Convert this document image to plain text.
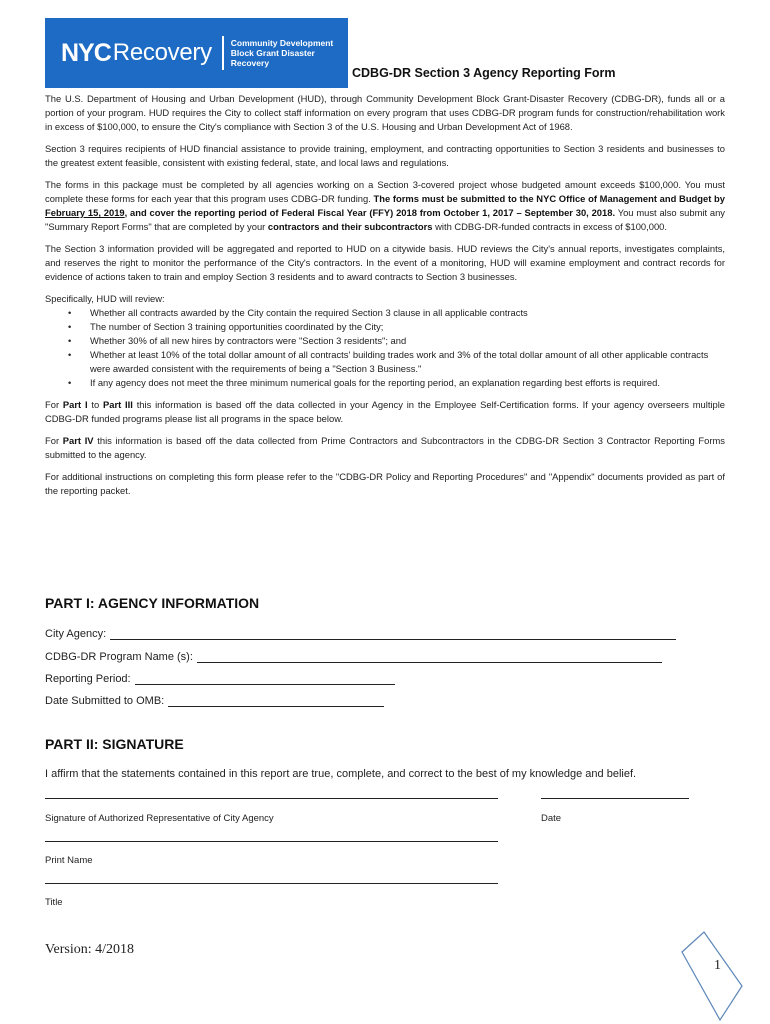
NYC Recovery Community Development
Block Grant Disaster
Recovery
CDBG-DR Section 3 Agency Reporting Form

The U.S. Department of Housing and Urban Development (HUD), through Community Development Block Grant-Disaster Recovery (CDBG-DR), funds all or a portion of your program. HUD requires the City to collect staff information on every program that uses CDBG-DR program funds for construction/rehabilitation work in excess of $100,000, to ensure the City's compliance with Section 3 of the U.S. Housing and Urban Development Act of 1968.

Section 3 requires recipients of HUD financial assistance to provide training, employment, and contracting opportunities to Section 3 residents and businesses to the greatest extent feasible, consistent with existing federal, state, and local laws and regulations.

The forms in this package must be completed by all agencies working on a Section 3-covered project whose budgeted amount exceeds $100,000. You must complete these forms for each year that this program uses CDBG-DR funding. The forms must be submitted to the NYC Office of Management and Budget by February 15, 2019, and cover the reporting period of Federal Fiscal Year (FFY) 2018 from October 1, 2017 – September 30, 2018. You must also submit any "Summary Report Forms" that are completed by your contractors and their subcontractors with CDBG-DR-funded contracts in excess of $100,000.

The Section 3 information provided will be aggregated and reported to HUD on a citywide basis. HUD reviews the City's annual reports, investigates complaints, and reserves the right to monitor the performance of the City's contractors. In the event of a monitoring, HUD will examine employment and contract records for evidence of actions taken to train and employ Section 3 residents and to award contracts to Section 3 businesses.

Specifically, HUD will review:

• Whether all contracts awarded by the City contain the required Section 3 clause in all applicable contracts
• The number of Section 3 training opportunities coordinated by the City;
• Whether 30% of all new hires by contractors were "Section 3 residents"; and
• Whether at least 10% of the total dollar amount of all contracts' building trades work and 3% of the total dollar amount of all other applicable contracts were awarded consistent with the requirements of being a "Section 3 Business."
• If any agency does not meet the three minimum numerical goals for the reporting period, an explanation regarding best efforts is required.

For Part I to Part III this information is based off the data collected in your Agency in the Employee Self-Certification forms. If your agency overseers multiple CDBG-DR funded programs please list all programs in the space below.

For Part IV this information is based off the data collected from Prime Contractors and Subcontractors in the CDBG-DR Section 3 Contractor Reporting Forms submitted to the agency.

For additional instructions on completing this form please refer to the "CDBG-DR Policy and Reporting Procedures" and "Appendix" documents provided as part of the reporting packet.

PART I: AGENCY INFORMATION
City Agency:
CDBG-DR Program Name (s):
Reporting Period:
Date Submitted to OMB:
PART II: SIGNATURE
I affirm that the statements contained in this report are true, complete, and correct to the best of my knowledge and belief.
Signature of Authorized Representative of City Agency	Date
Print Name
Title
Version: 4/2018
1
